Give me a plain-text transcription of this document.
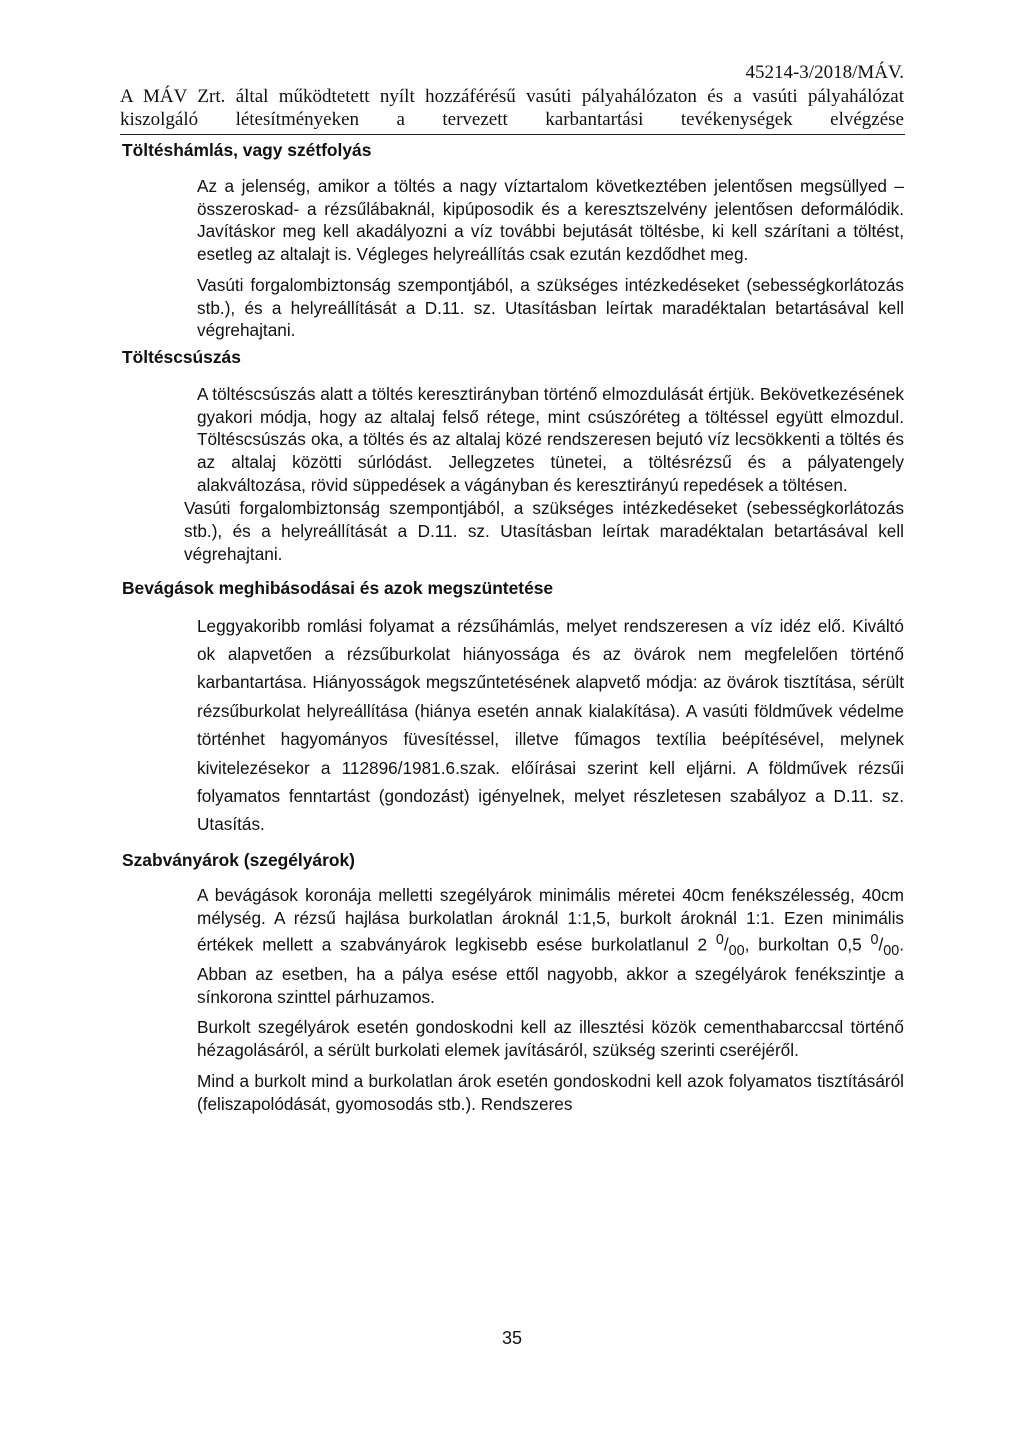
45214-3/2018/MÁV.
A MÁV Zrt. által működtetett nyílt hozzáférésű vasúti pályahálózaton és a vasúti pályahálózat
kiszolgáló létesítményeken a tervezett karbantartási tevékenységek elvégzése
Töltéshámlás, vagy szétfolyás

Az a jelenség, amikor a töltés a nagy víztartalom következtében jelentősen megsüllyed –összeroskad- a rézsűlábaknál, kipúposodik és a keresztszelvény jelentősen deformálódik. Javításkor meg kell akadályozni a víz további bejutását töltésbe, ki kell szárítani a töltést, esetleg az altalajt is. Végleges helyreállítás csak ezután kezdődhet meg.

Vasúti forgalombiztonság szempontjából, a szükséges intézkedéseket (sebességkorlátozás stb.), és a helyreállítását a D.11. sz. Utasításban leírtak maradéktalan betartásával kell végrehajtani.

Töltéscsúszás

A töltéscsúszás alatt a töltés keresztirányban történő elmozdulását értjük. Bekövetkezésének gyakori módja, hogy az altalaj felső rétege, mint csúszóréteg a töltéssel együtt elmozdul. Töltéscsúszás oka, a töltés és az altalaj közé rendszeresen bejutó víz lecsökkenti a töltés és az altalaj közötti súrlódást. Jellegzetes tünetei, a töltésrézsű és a pályatengely alakváltozása, rövid süppedések a vágányban és keresztirányú repedések a töltésen.

Vasúti forgalombiztonság szempontjából, a szükséges intézkedéseket (sebességkorlátozás stb.), és a helyreállítását a D.11. sz. Utasításban leírtak maradéktalan betartásával kell végrehajtani.

Bevágások meghibásodásai és azok megszüntetése

Leggyakoribb romlási folyamat a rézsűhámlás, melyet rendszeresen a víz idéz elő. Kiváltó ok alapvetően a rézsűburkolat hiányossága és az övárok nem megfelelően történő karbantartása. Hiányosságok megszűntetésének alapvető módja: az övárok tisztítása, sérült rézsűburkolat helyreállítása (hiánya esetén annak kialakítása). A vasúti földművek védelme történhet hagyományos füvesítéssel, illetve fűmagos textília beépítésével, melynek kivitelezésekor a 112896/1981.6.szak. előírásai szerint kell eljárni. A földművek rézsűi folyamatos fenntartást (gondozást) igényelnek, melyet részletesen szabályoz a D.11. sz. Utasítás.

Szabványárok (szegélyárok)

A bevágások koronája melletti szegélyárok minimális méretei 40cm fenékszélesség, 40cm mélység. A rézsű hajlása burkolatlan ároknál 1:1,5, burkolt ároknál 1:1. Ezen minimális értékek mellett a szabványárok legkisebb esése burkolatlanul 2 $^0/_{00}$, burkoltan 0,5 $^0/_{00}$. Abban az esetben, ha a pálya esése ettől nagyobb, akkor a szegélyárok fenékszintje a sínkorona szinttel párhuzamos.

Burkolt szegélyárok esetén gondoskodni kell az illesztési közök cementhabarccsal történő hézagolásáról, a sérült burkolati elemek javításáról, szükség szerinti cseréjéről.

Mind a burkolt mind a burkolatlan árok esetén gondoskodni kell azok folyamatos tisztításáról (feliszapolódását, gyomosodás stb.). Rendszeres

35
